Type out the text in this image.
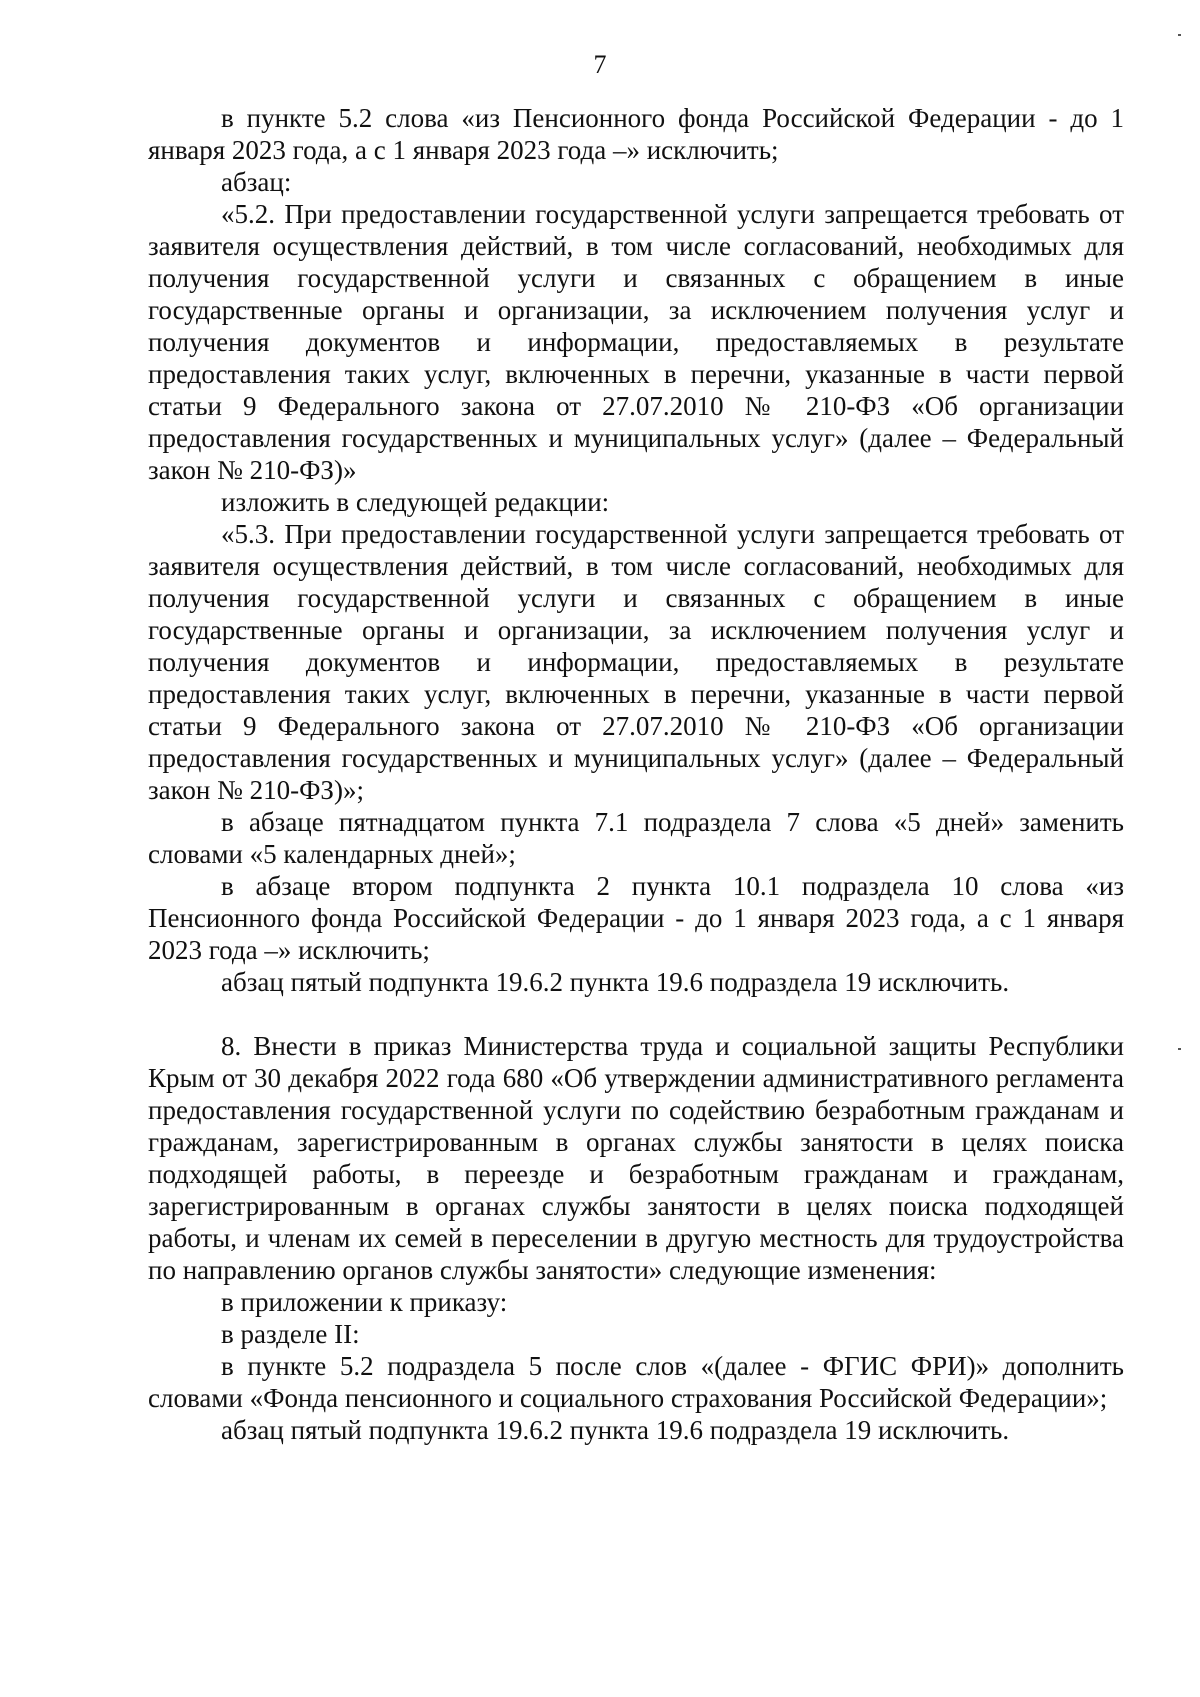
7

в пункте 5.2 слова «из Пенсионного фонда Российской Федерации - до 1 января 2023 года, а с 1 января 2023 года –» исключить;

абзац:

«5.2. При предоставлении государственной услуги запрещается требовать от заявителя осуществления действий, в том числе согласований, необходимых для получения государственной услуги и связанных с обращением в иные государственные органы и организации, за исключением получения услуг и получения документов и информации, предоставляемых в результате предоставления таких услуг, включенных в перечни, указанные в части первой статьи 9 Федерального закона от 27.07.2010 № 210-ФЗ «Об организации предоставления государственных и муниципальных услуг» (далее – Федеральный закон № 210-ФЗ)»

изложить в следующей редакции:

«5.3. При предоставлении государственной услуги запрещается требовать от заявителя осуществления действий, в том числе согласований, необходимых для получения государственной услуги и связанных с обращением в иные государственные органы и организации, за исключением получения услуг и получения документов и информации, предоставляемых в результате предоставления таких услуг, включенных в перечни, указанные в части первой статьи 9 Федерального закона от 27.07.2010 № 210-ФЗ «Об организации предоставления государственных и муниципальных услуг» (далее – Федеральный закон № 210-ФЗ)»;

в абзаце пятнадцатом пункта 7.1 подраздела 7 слова «5 дней» заменить словами «5 календарных дней»;

в абзаце втором подпункта 2 пункта 10.1 подраздела 10 слова «из Пенсионного фонда Российской Федерации - до 1 января 2023 года, а с 1 января 2023 года –» исключить;

абзац пятый подпункта 19.6.2 пункта 19.6 подраздела 19 исключить.

8. Внести в приказ Министерства труда и социальной защиты Республики Крым от 30 декабря 2022 года 680 «Об утверждении административного регламента предоставления государственной услуги по содействию безработным гражданам и гражданам, зарегистрированным в органах службы занятости в целях поиска подходящей работы, в переезде и безработным гражданам и гражданам, зарегистрированным в органах службы занятости в целях поиска подходящей работы, и членам их семей в переселении в другую местность для трудоустройства по направлению органов службы занятости» следующие изменения:

в приложении к приказу:

в разделе II:

в пункте 5.2 подраздела 5 после слов «(далее - ФГИС ФРИ)» дополнить словами «Фонда пенсионного и социального страхования Российской Федерации»;

абзац пятый подпункта 19.6.2 пункта 19.6 подраздела 19 исключить.
